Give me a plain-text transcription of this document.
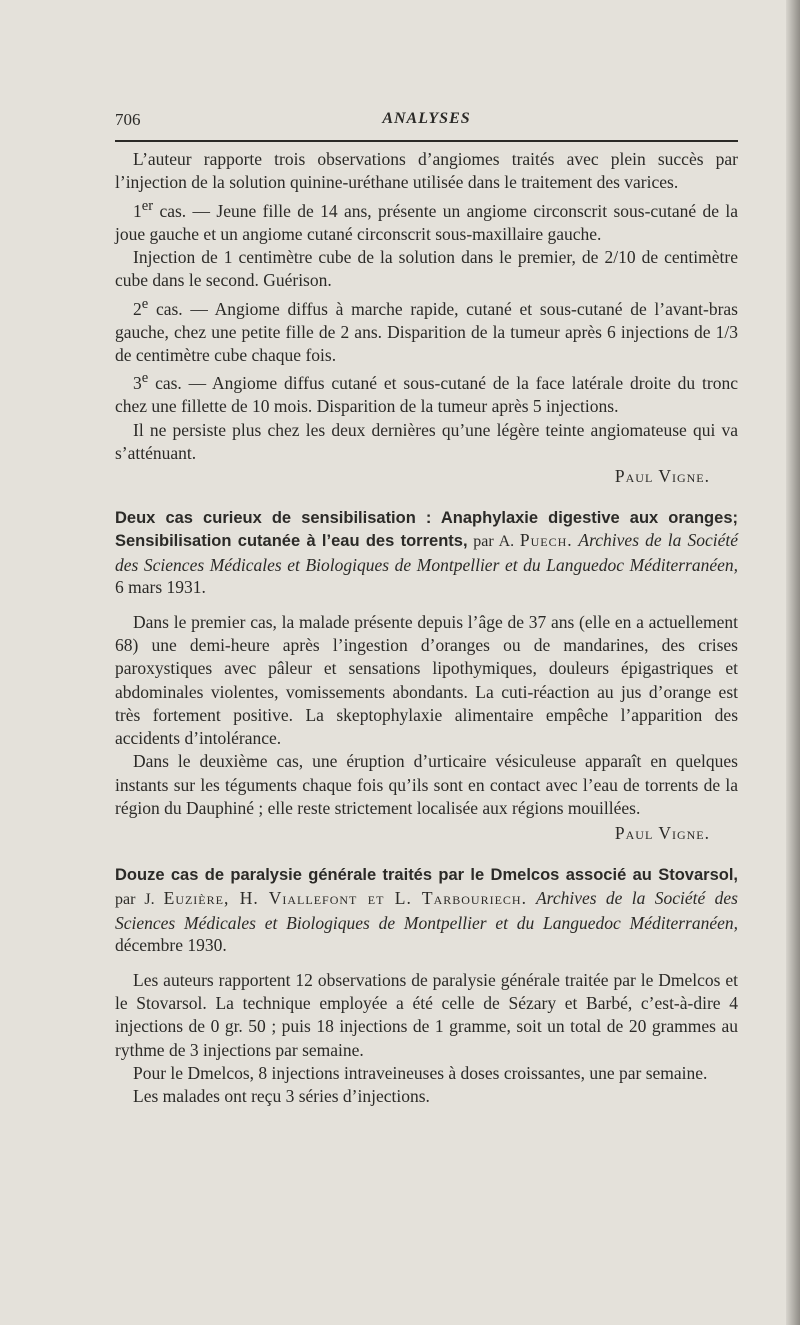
706	ANALYSES

L’auteur rapporte trois observations d’angiomes traités avec plein succès par l’injection de la solution quinine-uréthane utilisée dans le traitement des varices.

1er cas. — Jeune fille de 14 ans, présente un angiome circonscrit sous-cutané de la joue gauche et un angiome cutané circonscrit sous-maxillaire gauche.

Injection de 1 centimètre cube de la solution dans le premier, de 2/10 de centimètre cube dans le second. Guérison.

2e cas. — Angiome diffus à marche rapide, cutané et sous-cutané de l’avant-bras gauche, chez une petite fille de 2 ans. Disparition de la tumeur après 6 injections de 1/3 de centimètre cube chaque fois.

3e cas. — Angiome diffus cutané et sous-cutané de la face latérale droite du tronc chez une fillette de 10 mois. Disparition de la tumeur après 5 injections.

Il ne persiste plus chez les deux dernières qu’une légère teinte angiomateuse qui va s’atténuant.

Paul Vigne.

Deux cas curieux de sensibilisation : Anaphylaxie digestive aux oranges; Sensibilisation cutanée à l’eau des torrents, par A. Puech. Archives de la Société des Sciences Médicales et Biologiques de Montpellier et du Languedoc Méditerranéen, 6 mars 1931.

Dans le premier cas, la malade présente depuis l’âge de 37 ans (elle en a actuellement 68) une demi-heure après l’ingestion d’oranges ou de mandarines, des crises paroxystiques avec pâleur et sensations lipothymiques, douleurs épigastriques et abdominales violentes, vomissements abondants. La cuti-réaction au jus d’orange est très fortement positive. La skeptophylaxie alimentaire empêche l’apparition des accidents d’intolérance.

Dans le deuxième cas, une éruption d’urticaire vésiculeuse apparaît en quelques instants sur les téguments chaque fois qu’ils sont en contact avec l’eau de torrents de la région du Dauphiné ; elle reste strictement localisée aux régions mouillées.

Paul Vigne.

Douze cas de paralysie générale traités par le Dmelcos associé au Stovarsol, par J. Euzière, H. Viallefont et L. Tarbouriech. Archives de la Société des Sciences Médicales et Biologiques de Montpellier et du Languedoc Méditerranéen, décembre 1930.

Les auteurs rapportent 12 observations de paralysie générale traitée par le Dmelcos et le Stovarsol. La technique employée a été celle de Sézary et Barbé, c’est-à-dire 4 injections de 0 gr. 50 ; puis 18 injections de 1 gramme, soit un total de 20 grammes au rythme de 3 injections par semaine.

Pour le Dmelcos, 8 injections intraveineuses à doses croissantes, une par semaine.

Les malades ont reçu 3 séries d’injections.
